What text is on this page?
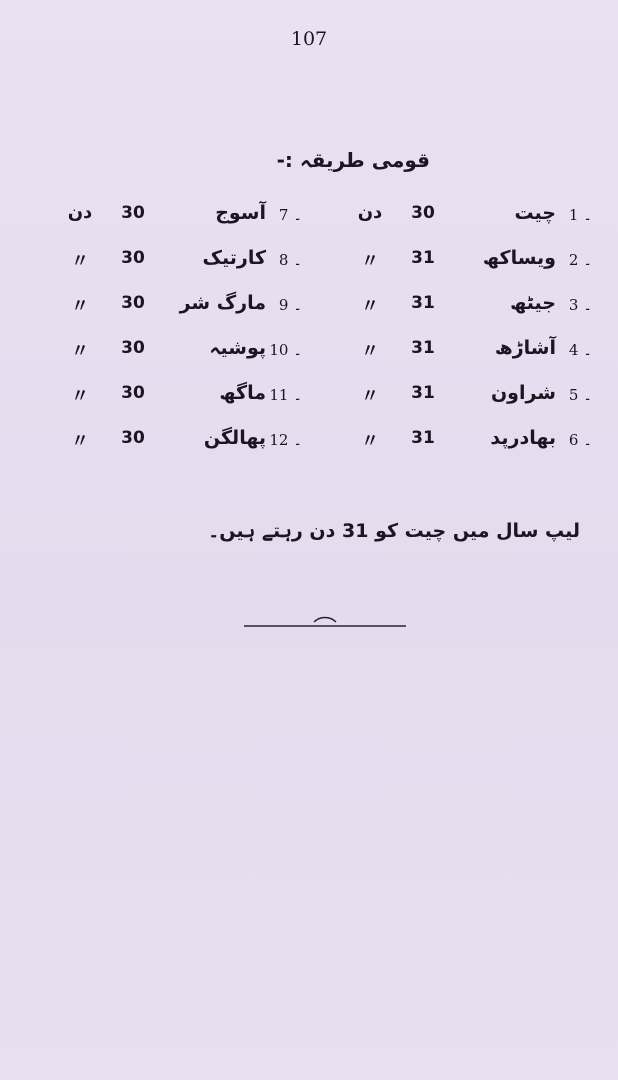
107
قومی طریقہ :-
1 ۔
چیت
30
دن
2 ۔
ویساکھ
31
〃
3 ۔
جیٹھ
31
〃
4 ۔
آشاڑھ
31
〃
5 ۔
شراون
31
〃
6 ۔
بھادرپد
31
〃
7 ۔
آسوج
30
دن
8 ۔
کارتیک
30
〃
9 ۔
مارگ شر
30
〃
10 ۔
پوشیہ
30
〃
11 ۔
ماگھ
30
〃
12 ۔
پھالگن
30
〃
لیپ سال میں چیت کو 31 دن رہتے ہیں۔
